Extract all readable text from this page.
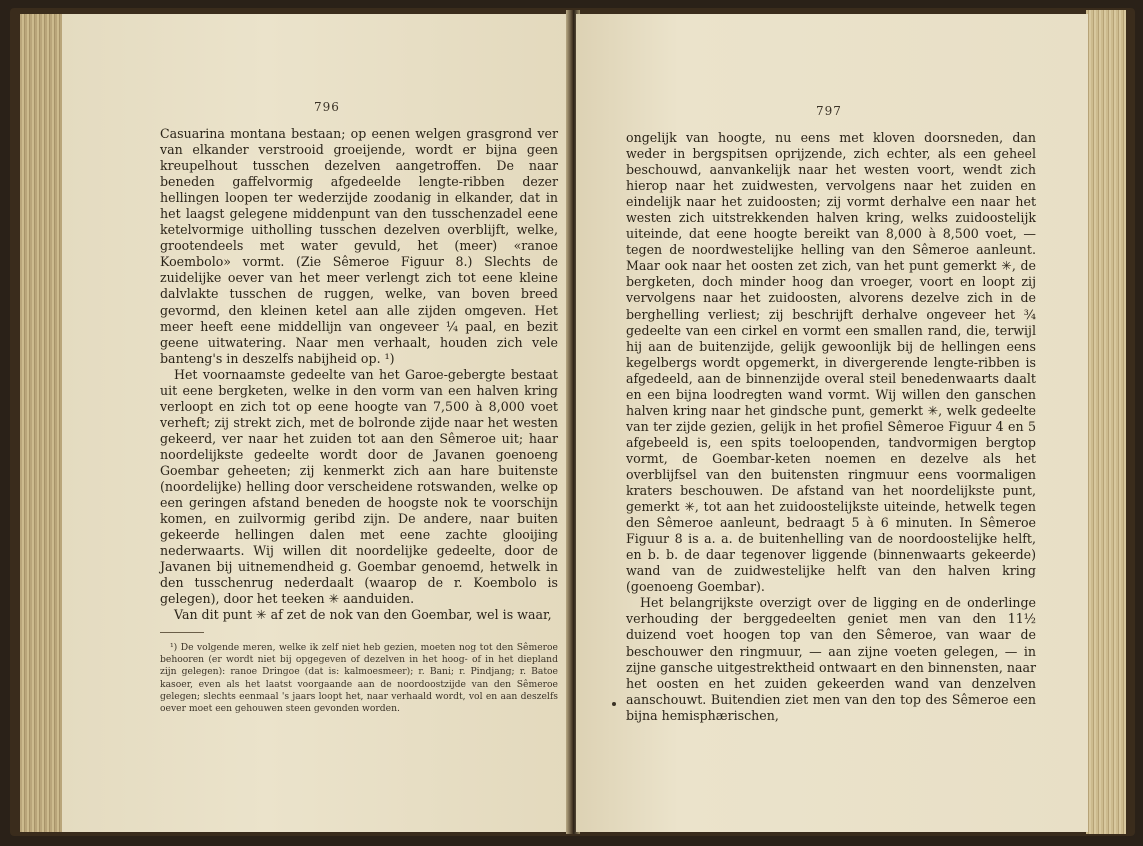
796

Casuarina montana bestaan; op eenen welgen grasgrond ver van elkander verstrooid groeijende, wordt er bijna geen kreupelhout tusschen dezelven aangetroffen. De naar beneden gaffelvormig afgedeelde lengte-ribben dezer hellingen loopen ter wederzijde zoodanig in elkander, dat in het laagst gelegene middenpunt van den tusschenzadel eene ketelvormige uitholling tusschen dezelven overblijft, welke, grootendeels met water gevuld, het (meer) «ranoe Koembolo» vormt. (Zie Sêmeroe Figuur 8.) Slechts de zuidelijke oever van het meer verlengt zich tot eene kleine dalvlakte tusschen de ruggen, welke, van boven breed gevormd, den kleinen ketel aan alle zijden omgeven. Het meer heeft eene middellijn van ongeveer ¼ paal, en bezit geene uitwatering. Naar men verhaalt, houden zich vele banteng's in deszelfs nabijheid op. ¹)

Het voornaamste gedeelte van het Garoe-gebergte bestaat uit eene bergketen, welke in den vorm van een halven kring verloopt en zich tot op eene hoogte van 7,500 à 8,000 voet verheft; zij strekt zich, met de bolronde zijde naar het westen gekeerd, ver naar het zuiden tot aan den Sêmeroe uit; haar noordelijkste gedeelte wordt door de Javanen goenoeng Goembar geheeten; zij kenmerkt zich aan hare buitenste (noordelijke) helling door verscheidene rotswanden, welke op een geringen afstand beneden de hoogste nok te voorschijn komen, en zuilvormig geribd zijn. De andere, naar buiten gekeerde hellingen dalen met eene zachte glooijing nederwaarts. Wij willen dit noordelijke gedeelte, door de Javanen bij uitnemendheid g. Goembar genoemd, hetwelk in den tusschenrug nederdaalt (waarop de r. Koembolo is gelegen), door het teeken ✳ aanduiden.

Van dit punt ✳ af zet de nok van den Goembar, wel is waar,

¹) De volgende meren, welke ik zelf niet heb gezien, moeten nog tot den Sêmeroe behooren (er wordt niet bij opgegeven of dezelven in het hoog- of in het diepland zijn gelegen): ranoe Dringoe (dat is: kalmoesmeer); r. Bani; r. Pindjang; r. Batoe kasoer, even als het laatst voorgaande aan de noordoostzijde van den Sêmeroe gelegen; slechts eenmaal 's jaars loopt het, naar verhaald wordt, vol en aan deszelfs oever moet een gehouwen steen gevonden worden.

797

ongelijk van hoogte, nu eens met kloven doorsneden, dan weder in bergspitsen oprijzende, zich echter, als een geheel beschouwd, aanvankelijk naar het westen voort, wendt zich hierop naar het zuidwesten, vervolgens naar het zuiden en eindelijk naar het zuidoosten; zij vormt derhalve een naar het westen zich uitstrekkenden halven kring, welks zuidoostelijk uiteinde, dat eene hoogte bereikt van 8,000 à 8,500 voet, — tegen de noordwestelijke helling van den Sêmeroe aanleunt. Maar ook naar het oosten zet zich, van het punt gemerkt ✳, de bergketen, doch minder hoog dan vroeger, voort en loopt zij vervolgens naar het zuidoosten, alvorens dezelve zich in de berghelling verliest; zij beschrijft derhalve ongeveer het ¾ gedeelte van een cirkel en vormt een smallen rand, die, terwijl hij aan de buitenzijde, gelijk gewoonlijk bij de hellingen eens kegelbergs wordt opgemerkt, in divergerende lengte-ribben is afgedeeld, aan de binnenzijde overal steil benedenwaarts daalt en een bijna loodregten wand vormt. Wij willen den ganschen halven kring naar het gindsche punt, gemerkt ✳, welk gedeelte van ter zijde gezien, gelijk in het profiel Sêmeroe Figuur 4 en 5 afgebeeld is, een spits toeloopenden, tandvormigen bergtop vormt, de Goembar-keten noemen en dezelve als het overblijfsel van den buitensten ringmuur eens voormaligen kraters beschouwen. De afstand van het noordelijkste punt, gemerkt ✳, tot aan het zuidoostelijkste uiteinde, hetwelk tegen den Sêmeroe aanleunt, bedraagt 5 à 6 minuten. In Sêmeroe Figuur 8 is a. a. de buitenhelling van de noordoostelijke helft, en b. b. de daar tegenover liggende (binnenwaarts gekeerde) wand van de zuidwestelijke helft van den halven kring (goenoeng Goembar).

Het belangrijkste overzigt over de ligging en de onderlinge verhouding der berggedeelten geniet men van den 11½ duizend voet hoogen top van den Sêmeroe, van waar de beschouwer den ringmuur, — aan zijne voeten gelegen, — in zijne gansche uitgestrektheid ontwaart en den binnensten, naar het oosten en het zuiden gekeerden wand van denzelven aanschouwt. Buitendien ziet men van den top des Sêmeroe een bijna hemisphærischen,
